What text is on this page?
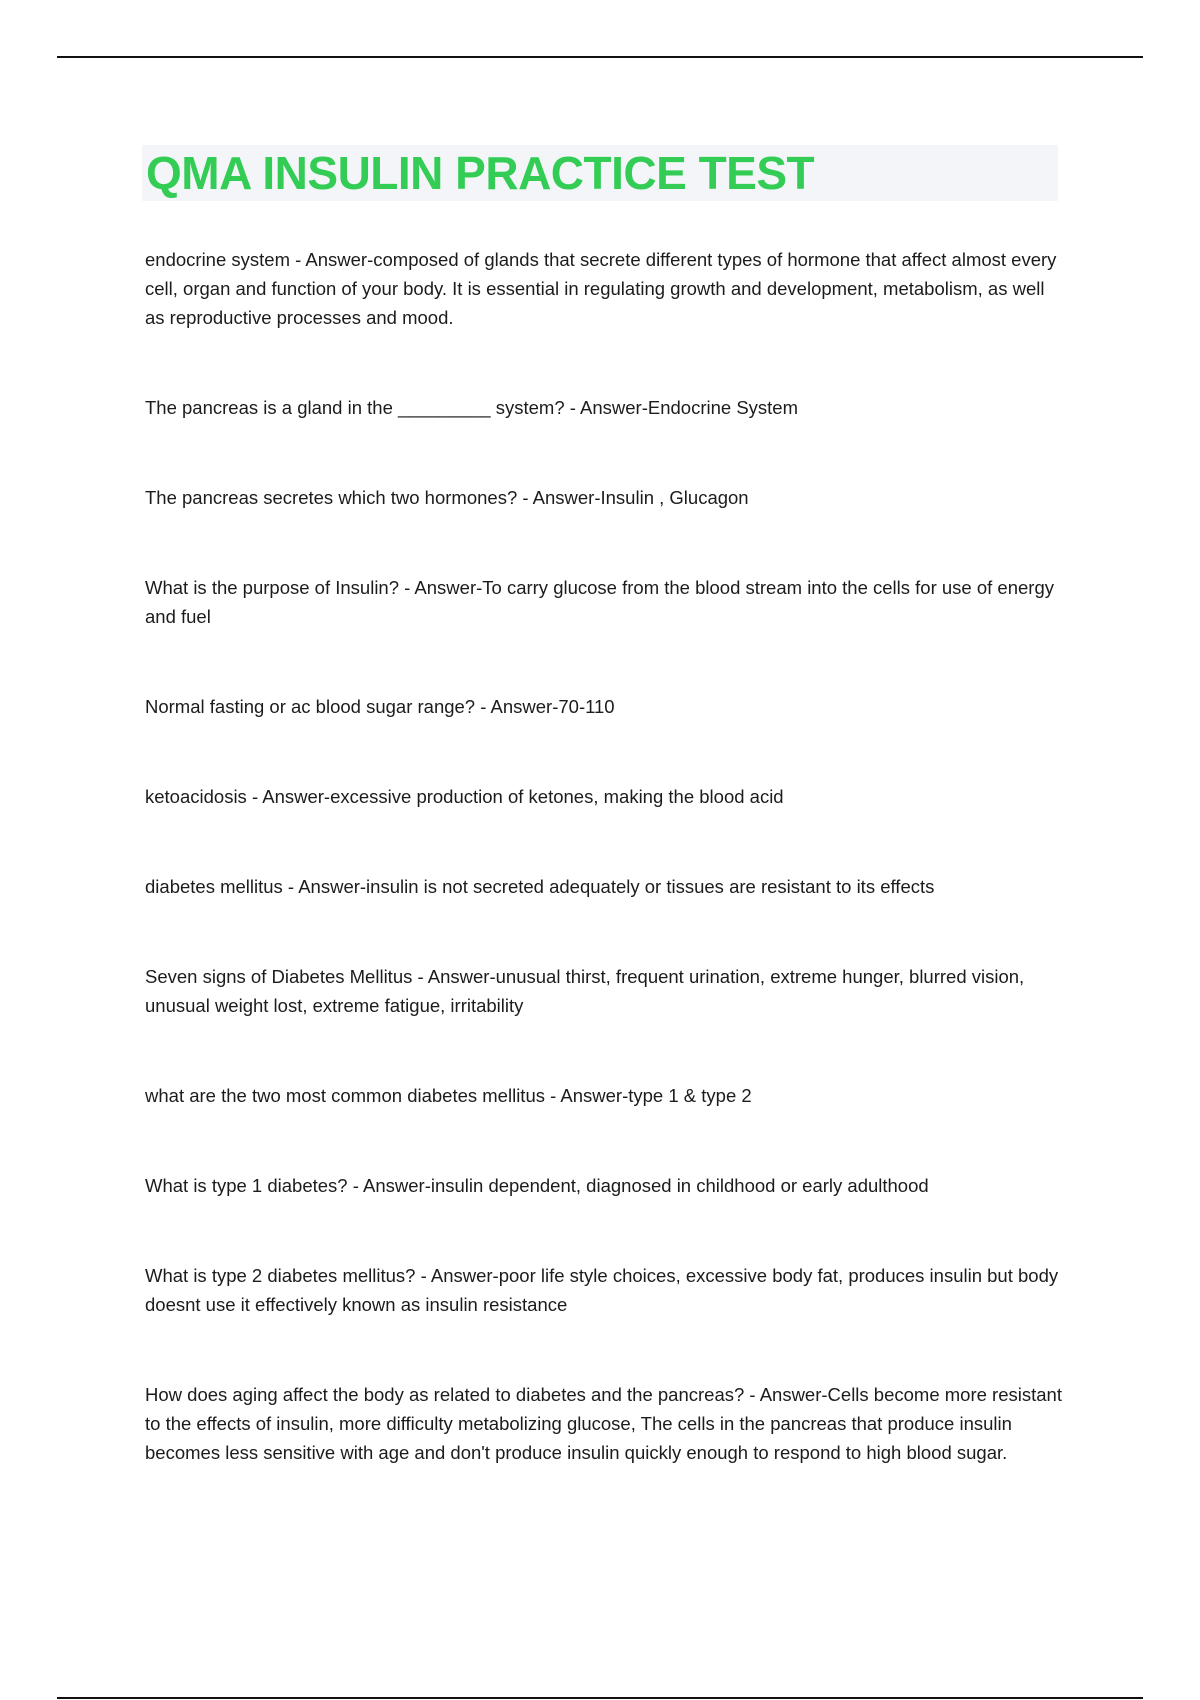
QMA INSULIN PRACTICE TEST
endocrine system - Answer-composed of glands that secrete different types of hormone that affect almost every cell, organ and function of your body. It is essential in regulating growth and development, metabolism, as well as reproductive processes and mood.
The pancreas is a gland in the _________ system? - Answer-Endocrine System
The pancreas secretes which two hormones? - Answer-Insulin , Glucagon
What is the purpose of Insulin? - Answer-To carry glucose from the blood stream into the cells for use of energy and fuel
Normal fasting or ac blood sugar range? - Answer-70-110
ketoacidosis - Answer-excessive production of ketones, making the blood acid
diabetes mellitus - Answer-insulin is not secreted adequately or tissues are resistant to its effects
Seven signs of Diabetes Mellitus - Answer-unusual thirst, frequent urination, extreme hunger, blurred vision, unusual weight lost, extreme fatigue, irritability
what are the two most common diabetes mellitus - Answer-type 1 & type 2
What is type 1 diabetes? - Answer-insulin dependent, diagnosed in childhood or early adulthood
What is type 2 diabetes mellitus? - Answer-poor life style choices, excessive body fat, produces insulin but body doesnt use it effectively known as insulin resistance
How does aging affect the body as related to diabetes and the pancreas? - Answer-Cells become more resistant to the effects of insulin, more difficulty metabolizing glucose, The cells in the pancreas that produce insulin becomes less sensitive with age and don't produce insulin quickly enough to respond to high blood sugar.
